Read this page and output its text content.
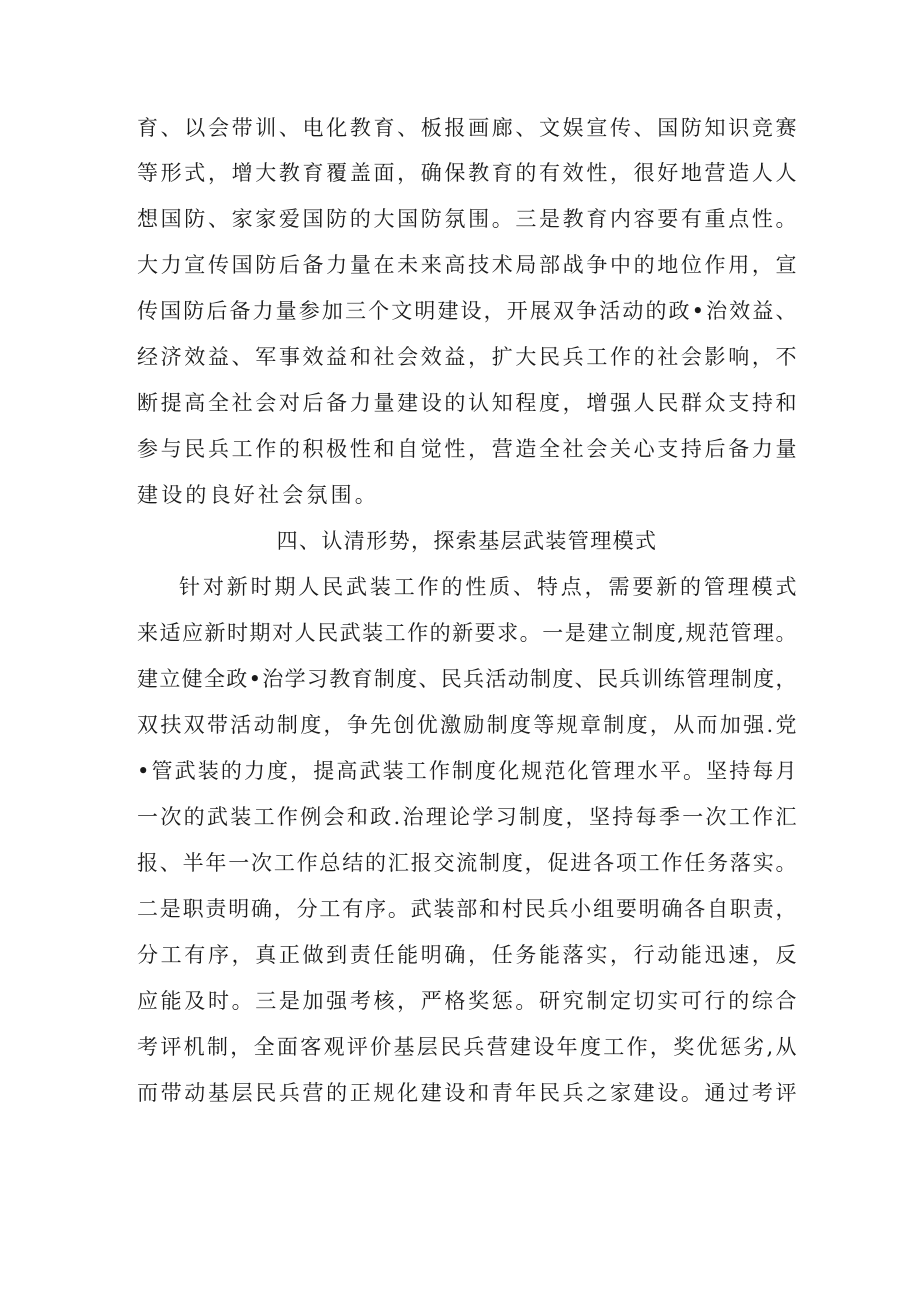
育、以会带训、电化教育、板报画廊、文娱宣传、国防知识竞赛
等形式，增大教育覆盖面，确保教育的有效性，很好地营造人人
想国防、家家爱国防的大国防氛围。三是教育内容要有重点性。
大力宣传国防后备力量在未来高技术局部战争中的地位作用，宣
传国防后备力量参加三个文明建设，开展双争活动的政•治效益、
经济效益、军事效益和社会效益，扩大民兵工作的社会影响，不
断提高全社会对后备力量建设的认知程度，增强人民群众支持和
参与民兵工作的积极性和自觉性，营造全社会关心支持后备力量
建设的良好社会氛围。
四、认清形势，探索基层武装管理模式
针对新时期人民武装工作的性质、特点，需要新的管理模式
来适应新时期对人民武装工作的新要求。一是建立制度,规范管理。
建立健全政•治学习教育制度、民兵活动制度、民兵训练管理制度，
双扶双带活动制度，争先创优激励制度等规章制度，从而加强.党
•管武装的力度，提高武装工作制度化规范化管理水平。坚持每月
一次的武装工作例会和政.治理论学习制度，坚持每季一次工作汇
报、半年一次工作总结的汇报交流制度，促进各项工作任务落实。
二是职责明确，分工有序。武装部和村民兵小组要明确各自职责，
分工有序，真正做到责任能明确，任务能落实，行动能迅速，反
应能及时。三是加强考核，严格奖惩。研究制定切实可行的综合
考评机制，全面客观评价基层民兵营建设年度工作，奖优惩劣,从
而带动基层民兵营的正规化建设和青年民兵之家建设。通过考评
